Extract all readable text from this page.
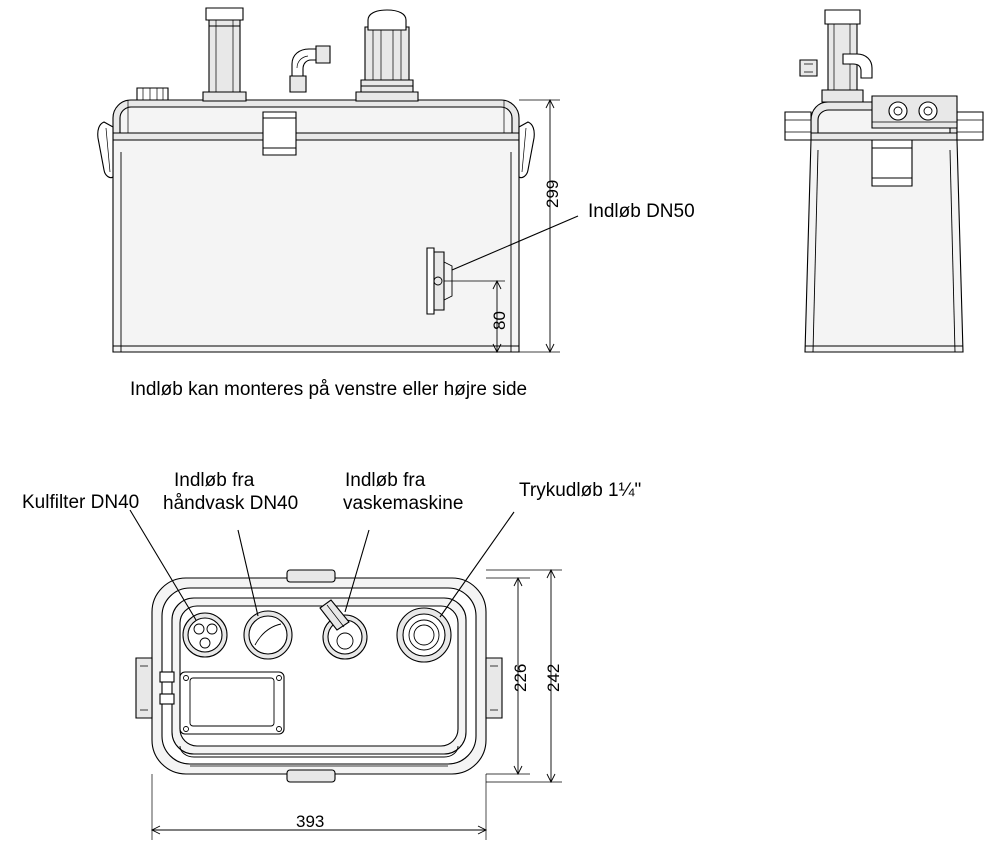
299
80
Indløb DN50
Indløb kan monteres på venstre eller højre side
Kulfilter DN40
Indløb fra
håndvask DN40
Indløb fra
vaskemaskine
Trykudløb 1¼"
226 242
393
